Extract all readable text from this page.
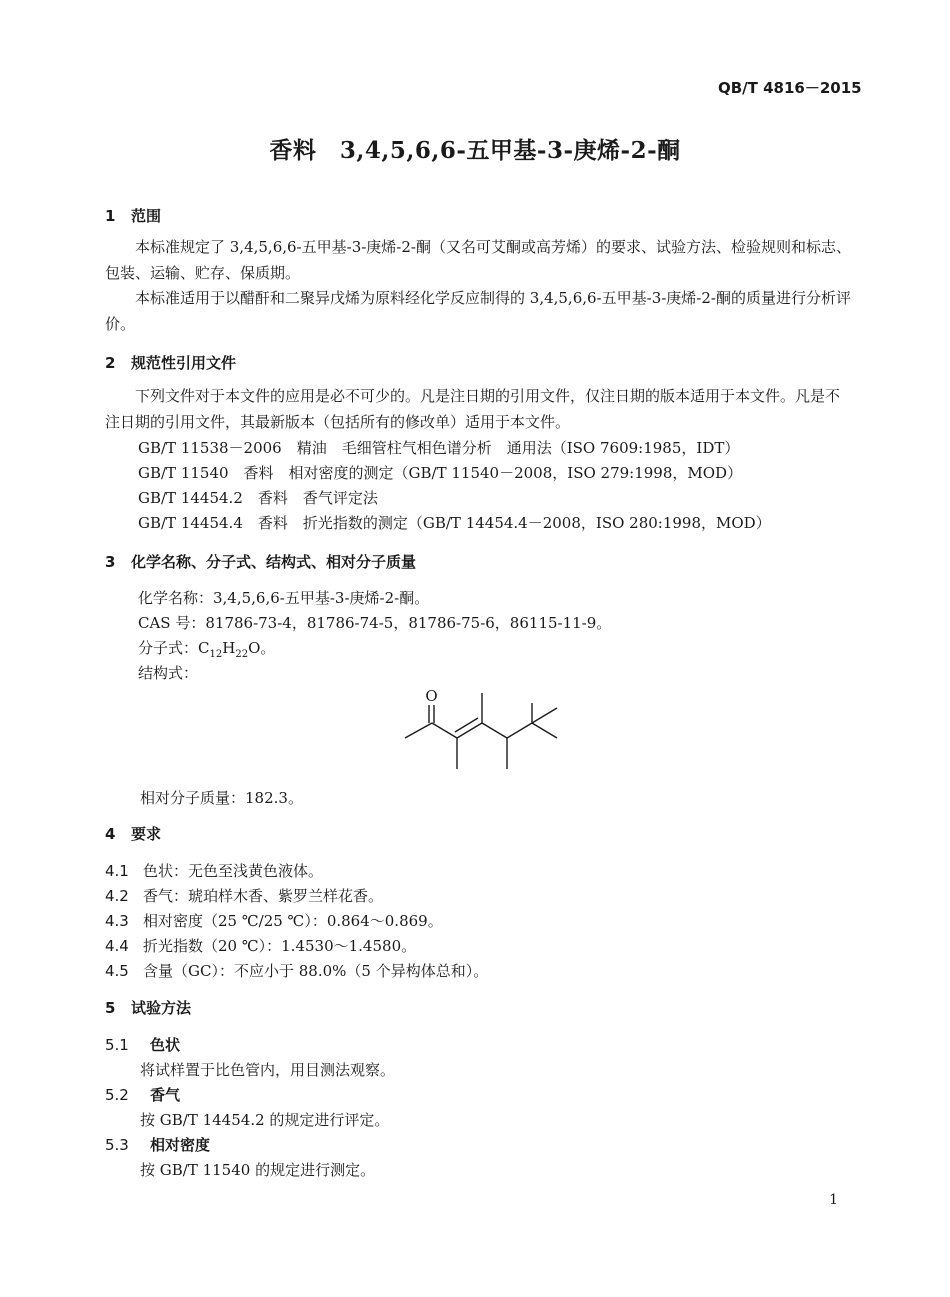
QB/T 4816－2015
香料　3,4,5,6,6-五甲基-3-庚烯-2-酮
1 范围
本标准规定了 3,4,5,6,6-五甲基-3-庚烯-2-酮（又名可艾酮或高芳烯）的要求、试验方法、检验规则和标志、包装、运输、贮存、保质期。
本标准适用于以醋酐和二聚异戊烯为原料经化学反应制得的 3,4,5,6,6-五甲基-3-庚烯-2-酮的质量进行分析评价。
2 规范性引用文件
下列文件对于本文件的应用是必不可少的。凡是注日期的引用文件，仅注日期的版本适用于本文件。凡是不注日期的引用文件，其最新版本（包括所有的修改单）适用于本文件。
GB/T 11538－2006　精油　毛细管柱气相色谱分析　通用法（ISO 7609:1985，IDT）
GB/T 11540　香料　相对密度的测定（GB/T 11540－2008，ISO 279:1998，MOD）
GB/T 14454.2　香料　香气评定法
GB/T 14454.4　香料　折光指数的测定（GB/T 14454.4－2008，ISO 280:1998，MOD）
3 化学名称、分子式、结构式、相对分子质量
化学名称：3,4,5,6,6-五甲基-3-庚烯-2-酮。
CAS 号：81786-73-4，81786-74-5，81786-75-6，86115-11-9。
分子式：$C_{12}H_{22}O$。
结构式：
O
相对分子质量：182.3。
4 要求
4.1 色状：无色至浅黄色液体。
4.2 香气：琥珀样木香、紫罗兰样花香。
4.3 相对密度（25 ℃/25 ℃）：0.864～0.869。
4.4 折光指数（20 ℃）：1.4530～1.4580。
4.5 含量（GC）：不应小于 88.0%（5 个异构体总和）。
5 试验方法
5.1 色状
将试样置于比色管内，用目测法观察。
5.2 香气
按 GB/T 14454.2 的规定进行评定。
5.3 相对密度
按 GB/T 11540 的规定进行测定。
1
